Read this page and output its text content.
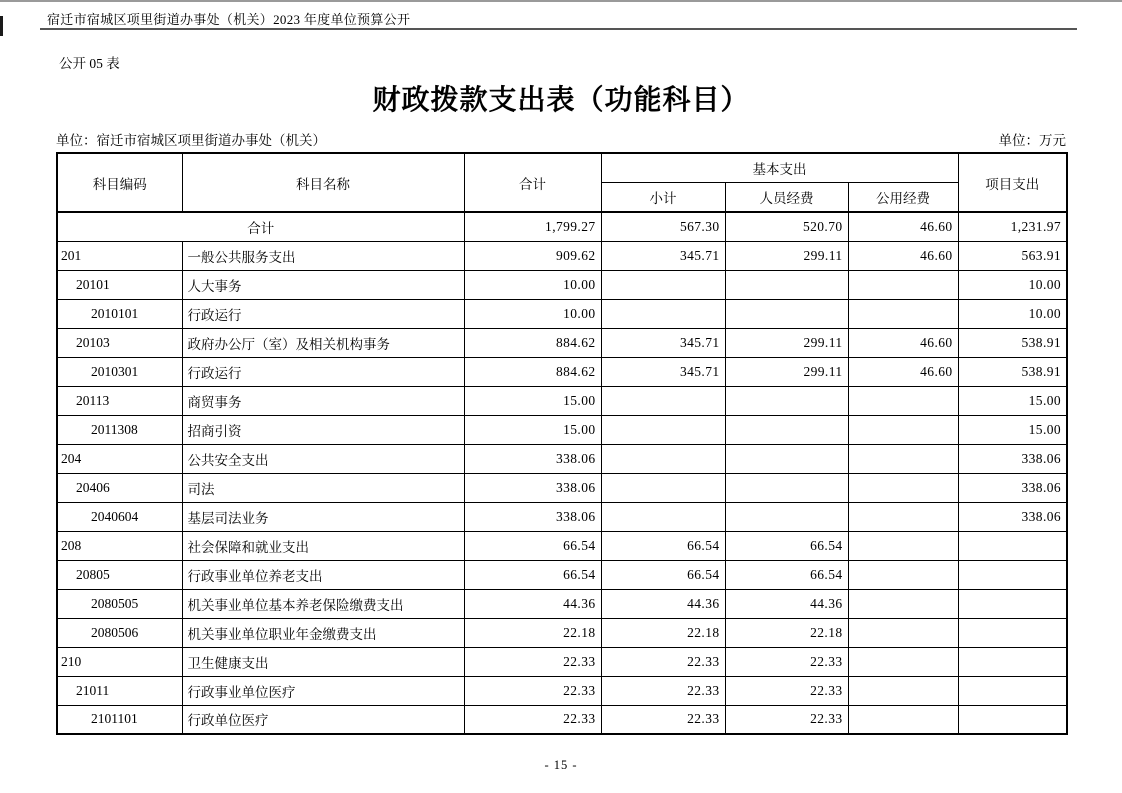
宿迁市宿城区项里街道办事处（机关）2023 年度单位预算公开
公开 05 表
财政拨款支出表（功能科目）
单位：宿迁市宿城区项里街道办事处（机关）	单位：万元
科目编码	科目名称	合计	基本支出			项目支出
			小计	人员经费	公用经费	
合计		1,799.27	567.30	520.70	46.60	1,231.97
201	一般公共服务支出	909.62	345.71	299.11	46.60	563.91
20101	人大事务	10.00				10.00
2010101	行政运行	10.00				10.00
20103	政府办公厅（室）及相关机构事务	884.62	345.71	299.11	46.60	538.91
2010301	行政运行	884.62	345.71	299.11	46.60	538.91
20113	商贸事务	15.00				15.00
2011308	招商引资	15.00				15.00
204	公共安全支出	338.06				338.06
20406	司法	338.06				338.06
2040604	基层司法业务	338.06				338.06
208	社会保障和就业支出	66.54	66.54	66.54		
20805	行政事业单位养老支出	66.54	66.54	66.54		
2080505	机关事业单位基本养老保险缴费支出	44.36	44.36	44.36		
2080506	机关事业单位职业年金缴费支出	22.18	22.18	22.18		
210	卫生健康支出	22.33	22.33	22.33		
21011	行政事业单位医疗	22.33	22.33	22.33		
2101101	行政单位医疗	22.33	22.33	22.33		
- 15 -
